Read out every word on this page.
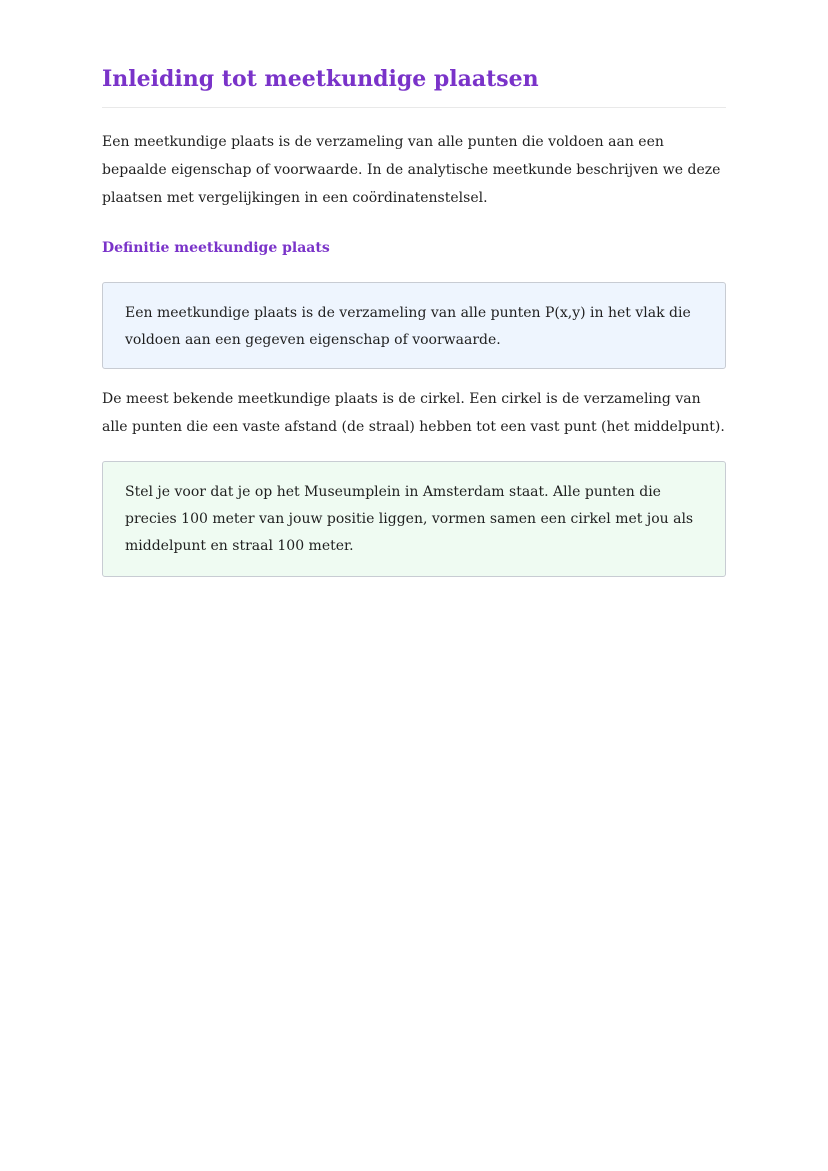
Inleiding tot meetkundige plaatsen

Een meetkundige plaats is de verzameling van alle punten die voldoen aan een bepaalde eigenschap of voorwaarde. In de analytische meetkunde beschrijven we deze plaatsen met vergelijkingen in een coördinatenstelsel.

Definitie meetkundige plaats

Een meetkundige plaats is de verzameling van alle punten P(x,y) in het vlak die voldoen aan een gegeven eigenschap of voorwaarde.

De meest bekende meetkundige plaats is de cirkel. Een cirkel is de verzameling van alle punten die een vaste afstand (de straal) hebben tot een vast punt (het middelpunt).

Stel je voor dat je op het Museumplein in Amsterdam staat. Alle punten die precies 100 meter van jouw positie liggen, vormen samen een cirkel met jou als middelpunt en straal 100 meter.
